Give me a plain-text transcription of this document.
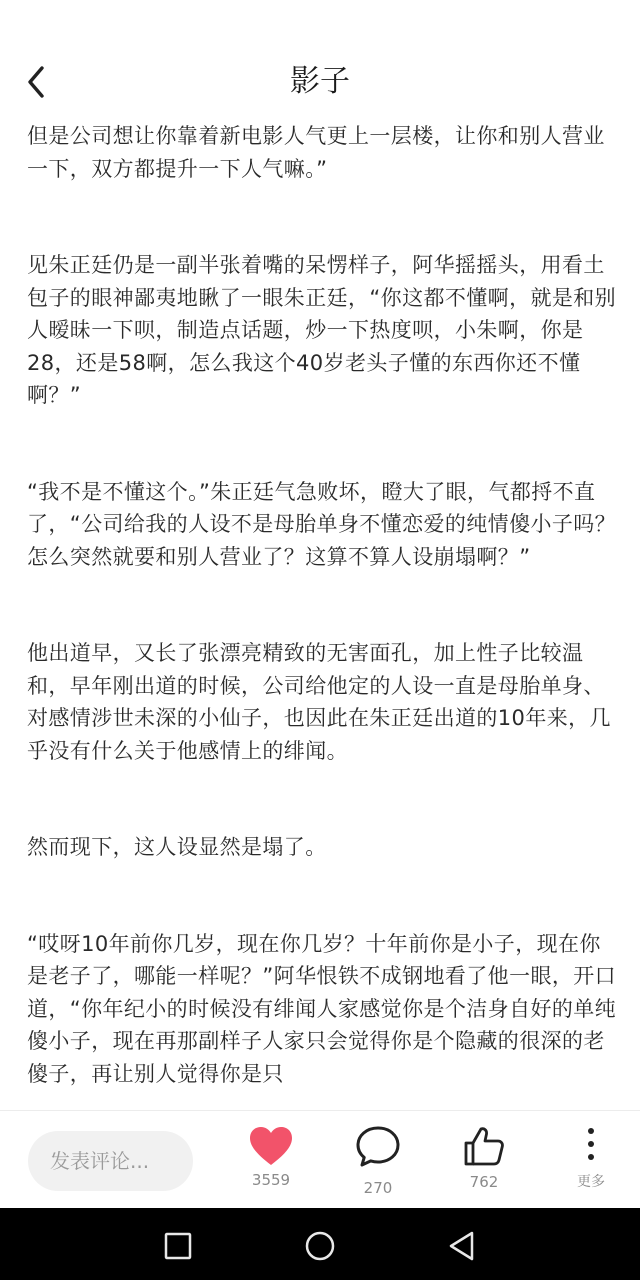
影子

但是公司想让你靠着新电影人气更上一层楼，让你和别人营业一下，双方都提升一下人气嘛。”

见朱正廷仍是一副半张着嘴的呆愣样子，阿华摇摇头，用看土包子的眼神鄙夷地瞅了一眼朱正廷，“你这都不懂啊，就是和别人暧昧一下呗，制造点话题，炒一下热度呗，小朱啊，你是28，还是58啊，怎么我这个40岁老头子懂的东西你还不懂啊？”

“我不是不懂这个。”朱正廷气急败坏，瞪大了眼，气都捋不直了，“公司给我的人设不是母胎单身不懂恋爱的纯情傻小子吗？怎么突然就要和别人营业了？这算不算人设崩塌啊？”

他出道早，又长了张漂亮精致的无害面孔，加上性子比较温和，早年刚出道的时候，公司给他定的人设一直是母胎单身、对感情涉世未深的小仙子，也因此在朱正廷出道的10年来，几乎没有什么关于他感情上的绯闻。

然而现下，这人设显然是塌了。

“哎呀10年前你几岁，现在你几岁？十年前你是小子，现在你是老子了，哪能一样呢？”阿华恨铁不成钢地看了他一眼，开口道，“你年纪小的时候没有绯闻人家感觉你是个洁身自好的单纯傻小子，现在再那副样子人家只会觉得你是个隐藏的很深的老傻子，再让别人觉得你是只

发表评论...
3559	270	762	更多
